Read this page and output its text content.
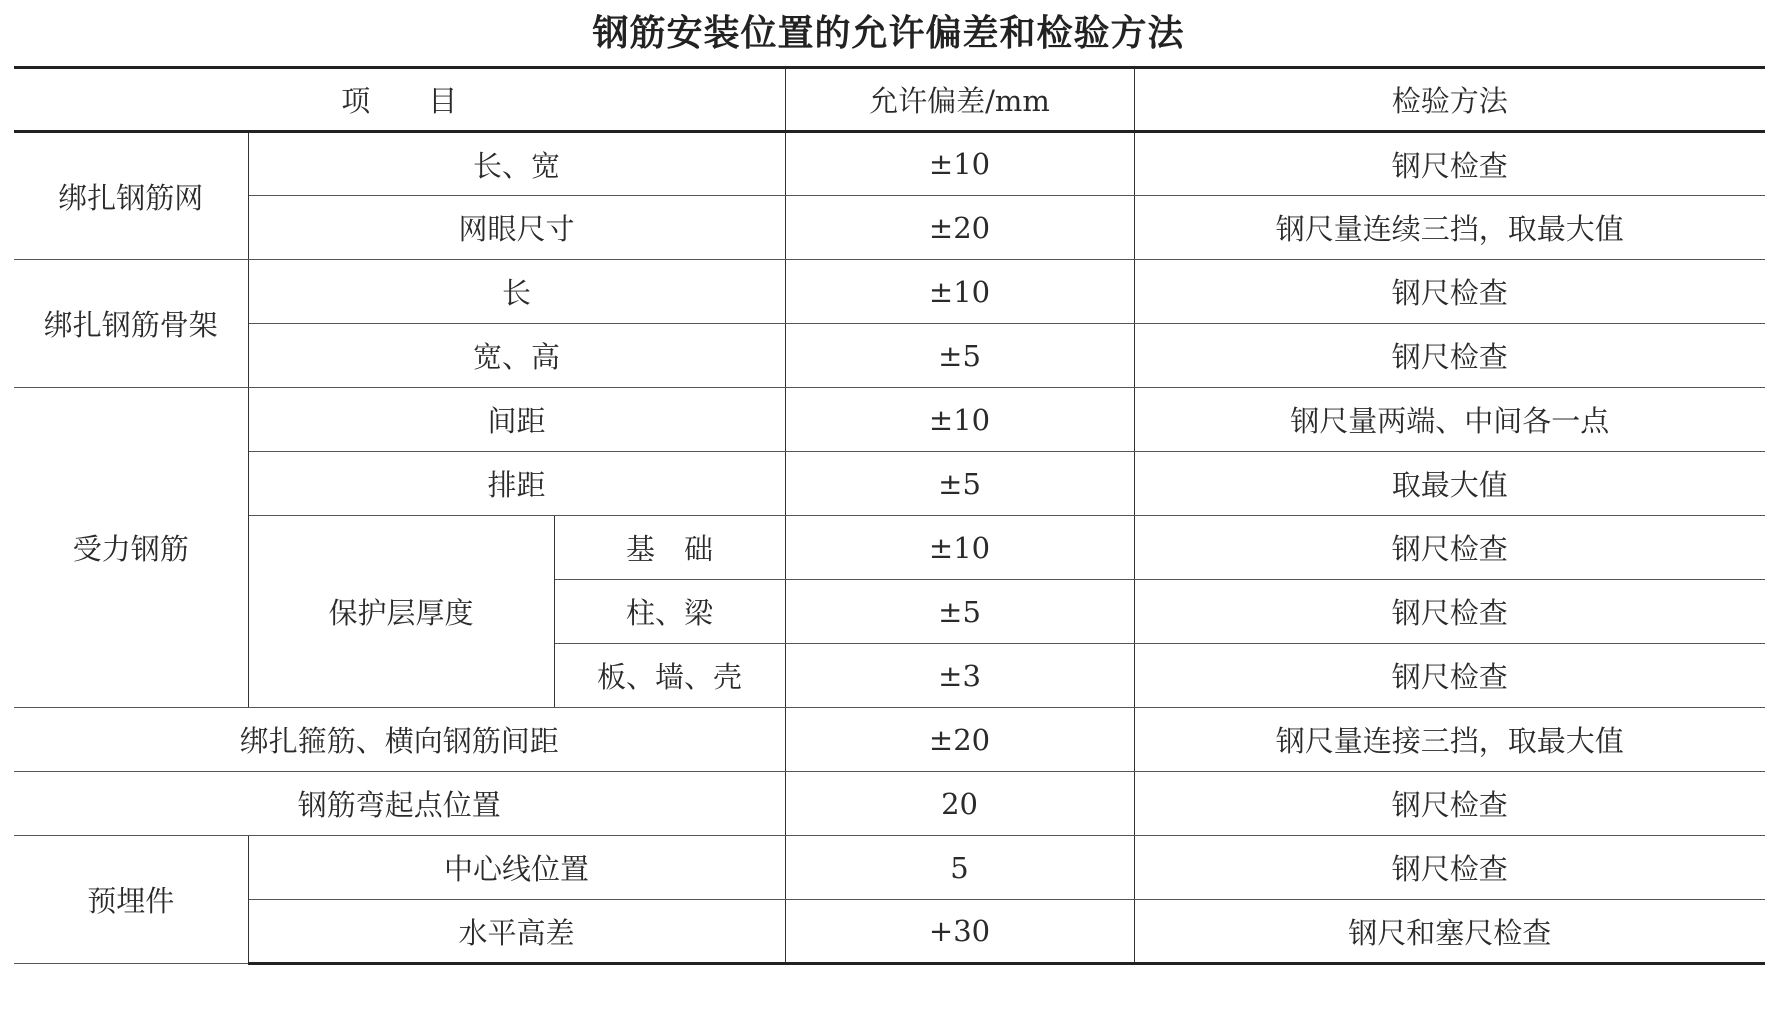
钢筋安装位置的允许偏差和检验方法
项　　目			允许偏差/mm	检验方法
绑扎钢筋网	长、宽		±10	钢尺检查
	网眼尺寸		±20	钢尺量连续三挡，取最大值
绑扎钢筋骨架	长		±10	钢尺检查
	宽、高		±5	钢尺检查
受力钢筋	间距		±10	钢尺量两端、中间各一点
	排距		±5	取最大值
	保护层厚度	基　础	±10	钢尺检查
		柱、梁	±5	钢尺检查
		板、墙、壳	±3	钢尺检查
绑扎箍筋、横向钢筋间距			±20	钢尺量连接三挡，取最大值
钢筋弯起点位置			20	钢尺检查
预埋件	中心线位置		5	钢尺检查
	水平高差		+30	钢尺和塞尺检查
